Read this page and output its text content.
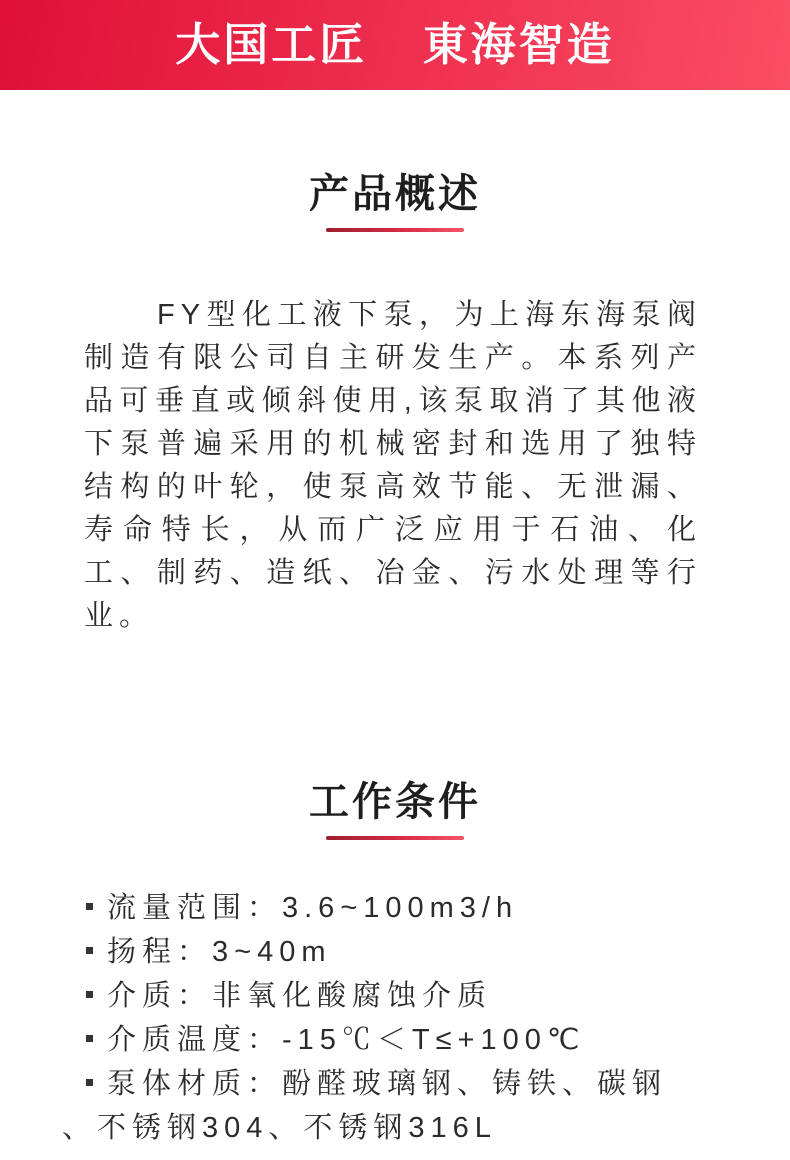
大国工匠 東海智造
产品概述

FY型化工液下泵，为上海东海泵阀制造有限公司自主研发生产。本系列产品可垂直或倾斜使用,该泵取消了其他液下泵普遍采用的机械密封和选用了独特结构的叶轮，使泵高效节能、无泄漏、寿命特长，从而广泛应用于石油、化工、制药、造纸、冶金、污水处理等行业。

工作条件
流量范围：3.6~100m3/h
扬程：3~40m
介质：非氧化酸腐蚀介质
介质温度：-15℃＜T≤+100℃
泵体材质：酚醛玻璃钢、铸铁、碳钢、不锈钢304、不锈钢316L
